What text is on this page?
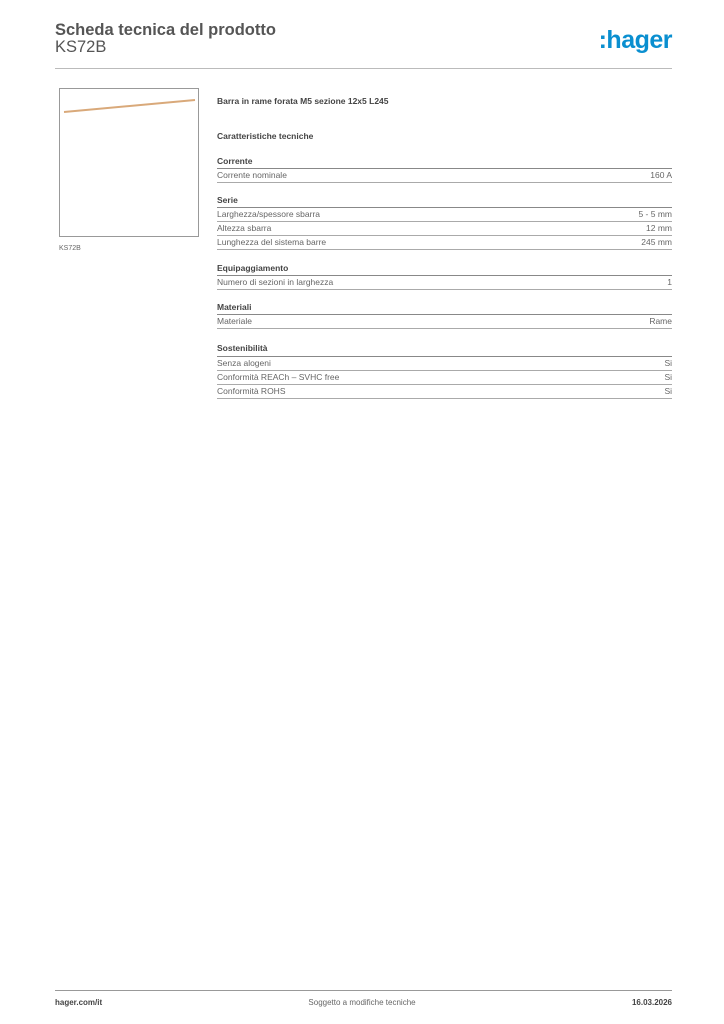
Scheda tecnica del prodotto
KS72B	:hager
KS72B
Barra in rame forata M5 sezione 12x5 L245
Caratteristiche tecniche
Corrente
Corrente nominale	160 A
Serie
Larghezza/spessore sbarra	5 - 5 mm
Altezza sbarra	12 mm
Lunghezza del sistema barre	245 mm
Equipaggiamento
Numero di sezioni in larghezza	1
Materiali
Materiale	Rame
Sostenibilità
Senza alogeni	Si
Conformità REACh – SVHC free	Si
Conformità ROHS	Si
hager.com/it	Soggetto a modifiche tecniche	16.03.2026
